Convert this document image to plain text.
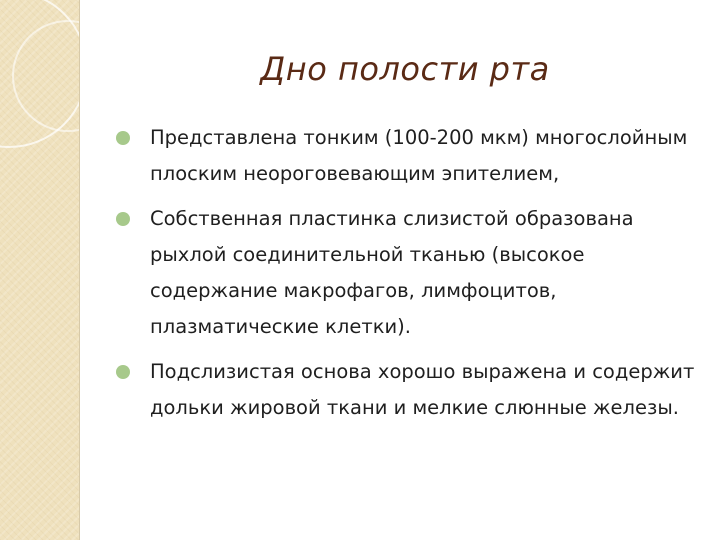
Дно полости рта
Представлена тонким (100-200 мкм) многослойным плоским неороговевающим эпителием,
Собственная пластинка слизистой образована рыхлой соединительной тканью (высокое содержание макрофагов, лимфоцитов, плазматические клетки).
Подслизистая основа хорошо выражена и содержит дольки жировой ткани и мелкие слюнные железы.
